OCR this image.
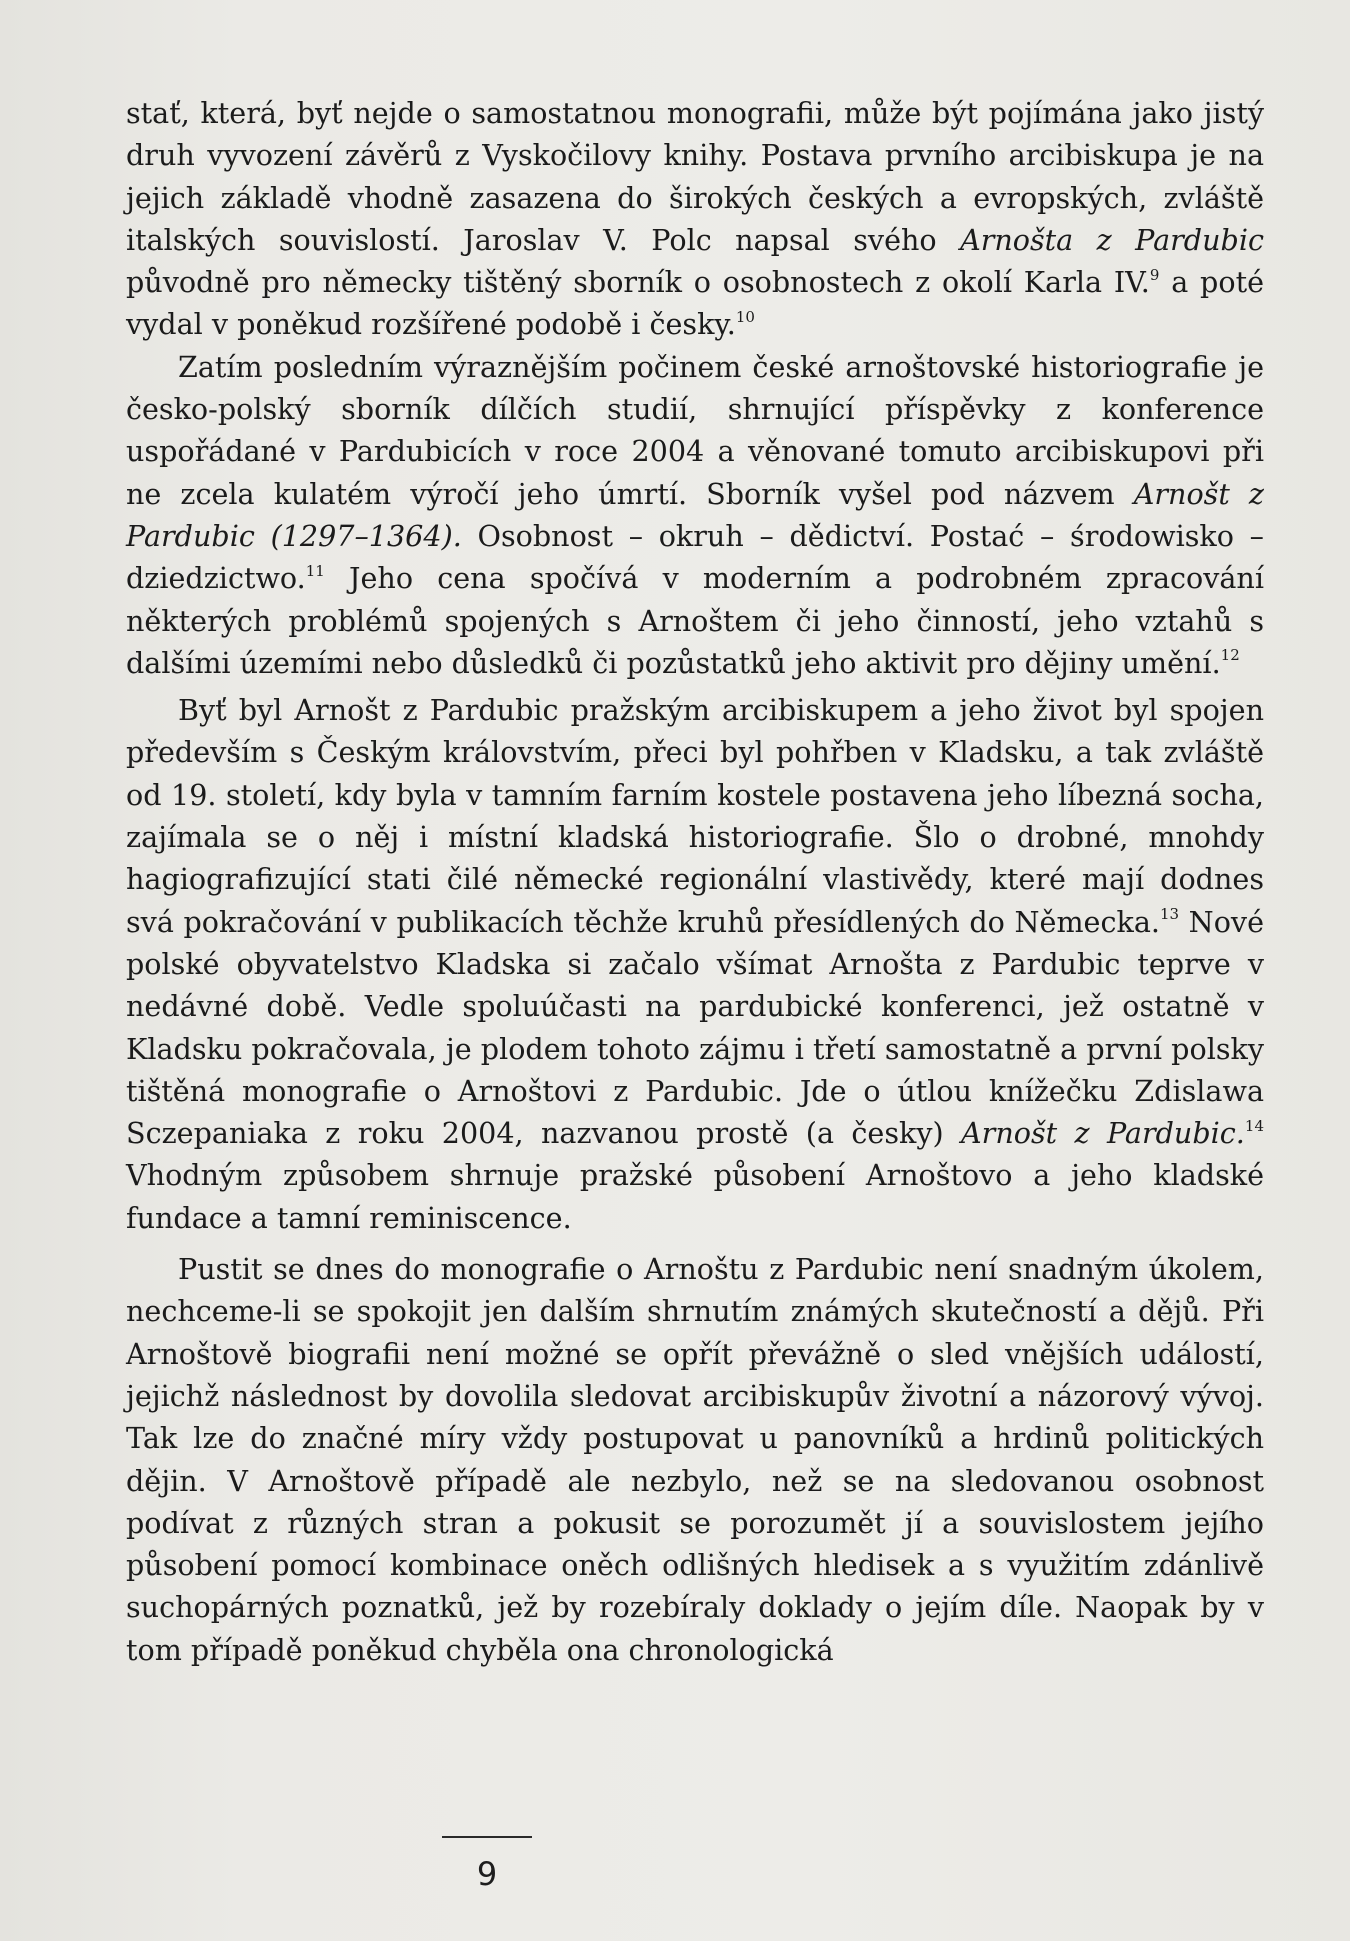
stať, která, byť nejde o samostatnou monografii, může být pojímána jako jistý druh vyvození závěrů z Vyskočilovy knihy. Postava prvního arcibiskupa je na jejich základě vhodně zasazena do širokých českých a evropských, zvláště italských souvislostí. Jaroslav V. Polc napsal svého Arnošta z Pardubic původně pro německy tištěný sborník o osobnostech z okolí Karla IV.$^9$ a poté vydal v poněkud rozšířené podobě i česky.$^{10}$

Zatím posledním výraznějším počinem české arnoštovské historiografie je česko-polský sborník dílčích studií, shrnující příspěvky z konference uspořádané v Pardubicích v roce 2004 a věnované tomuto arcibiskupovi při ne zcela kulatém výročí jeho úmrtí. Sborník vyšel pod názvem Arnošt z Pardubic (1297–1364). Osobnost – okruh – dědictví. Postać – środowisko – dziedzictwo.$^{11}$ Jeho cena spočívá v moderním a podrobném zpracování některých problémů spojených s Arnoštem či jeho činností, jeho vztahů s dalšími územími nebo důsledků či pozůstatků jeho aktivit pro dějiny umění.$^{12}$

Byť byl Arnošt z Pardubic pražským arcibiskupem a jeho život byl spojen především s Českým královstvím, přeci byl pohřben v Kladsku, a tak zvláště od 19. století, kdy byla v tamním farním kostele postavena jeho líbezná socha, zajímala se o něj i místní kladská historiografie. Šlo o drobné, mnohdy hagiografizující stati čilé německé regionální vlastivědy, které mají dodnes svá pokračování v publikacích těchže kruhů přesídlených do Německa.$^{13}$ Nové polské obyvatelstvo Kladska si začalo všímat Arnošta z Pardubic teprve v nedávné době. Vedle spoluúčasti na pardubické konferenci, jež ostatně v Kladsku pokračovala, je plodem tohoto zájmu i třetí samostatně a první polsky tištěná monografie o Arnoštovi z Pardubic. Jde o útlou knížečku Zdislawa Sczepaniaka z roku 2004, nazvanou prostě (a česky) Arnošt z Pardubic.$^{14}$ Vhodným způsobem shrnuje pražské působení Arnoštovo a jeho kladské fundace a tamní reminiscence.

Pustit se dnes do monografie o Arnoštu z Pardubic není snadným úkolem, nechceme-li se spokojit jen dalším shrnutím známých skutečností a dějů. Při Arnoštově biografii není možné se opřít převážně o sled vnějších událostí, jejichž následnost by dovolila sledovat arcibiskupův životní a názorový vývoj. Tak lze do značné míry vždy postupovat u panovníků a hrdinů politických dějin. V Arnoštově případě ale nezbylo, než se na sledovanou osobnost podívat z různých stran a pokusit se porozumět jí a souvislostem jejího působení pomocí kombinace oněch odlišných hledisek a s využitím zdánlivě suchopárných poznatků, jež by rozebíraly doklady o jejím díle. Naopak by v tom případě poněkud chyběla ona chronologická

9
